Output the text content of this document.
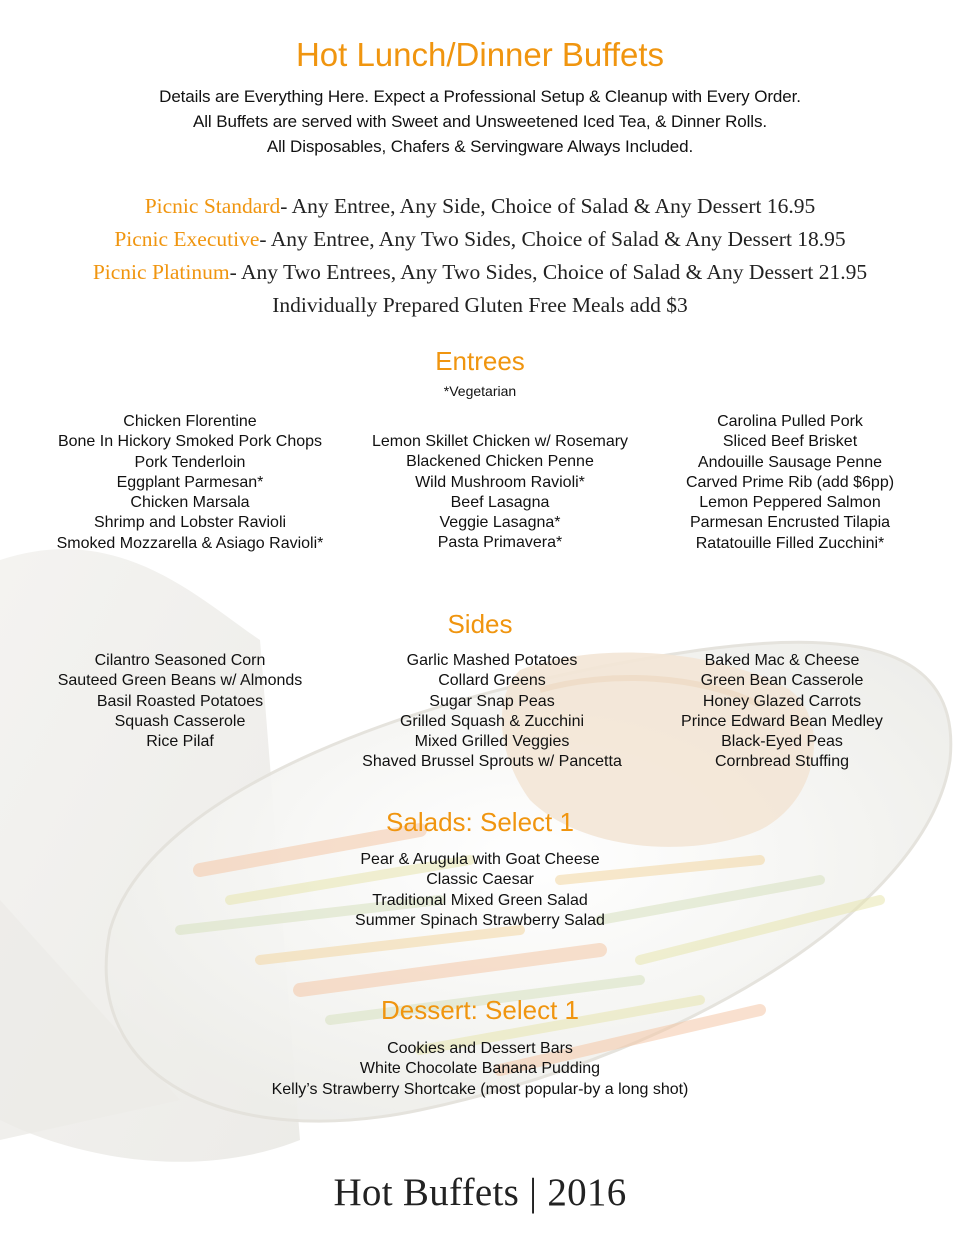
Hot Lunch/Dinner Buffets
Details are Everything Here. Expect a Professional Setup & Cleanup with Every Order.
All Buffets are served with Sweet and Unsweetened Iced Tea, & Dinner Rolls.
All Disposables, Chafers & Servingware Always Included.
Picnic Standard- Any Entree, Any Side, Choice of Salad & Any Dessert 16.95
Picnic Executive- Any Entree, Any Two Sides, Choice of Salad & Any Dessert 18.95
Picnic Platinum- Any Two Entrees, Any Two Sides, Choice of Salad & Any Dessert 21.95
Individually Prepared Gluten Free Meals add $3
Entrees
*Vegetarian
Chicken Florentine
Bone In Hickory Smoked Pork Chops
Pork Tenderloin
Eggplant Parmesan*
Chicken Marsala
Shrimp and Lobster Ravioli
Smoked Mozzarella & Asiago Ravioli*
Lemon Skillet Chicken w/ Rosemary
Blackened Chicken Penne
Wild Mushroom Ravioli*
Beef Lasagna
Veggie Lasagna*
Pasta Primavera*
Carolina Pulled Pork
Sliced Beef Brisket
Andouille Sausage Penne
Carved Prime Rib (add $6pp)
Lemon Peppered Salmon
Parmesan Encrusted Tilapia
Ratatouille Filled Zucchini*
Sides
Cilantro Seasoned Corn
Sauteed Green Beans w/ Almonds
Basil Roasted Potatoes
Squash Casserole
Rice Pilaf
Garlic Mashed Potatoes
Collard Greens
Sugar Snap Peas
Grilled Squash & Zucchini
Mixed Grilled Veggies
Shaved Brussel Sprouts w/ Pancetta
Baked Mac & Cheese
Green Bean Casserole
Honey Glazed Carrots
Prince Edward Bean Medley
Black-Eyed Peas
Cornbread Stuffing
Salads: Select 1
Pear & Arugula with Goat Cheese
Classic Caesar
Traditional Mixed Green Salad
Summer Spinach Strawberry Salad
Dessert: Select 1
Cookies and Dessert Bars
White Chocolate Banana Pudding
Kelly’s Strawberry Shortcake (most popular-by a long shot)
Hot Buffets | 2016
